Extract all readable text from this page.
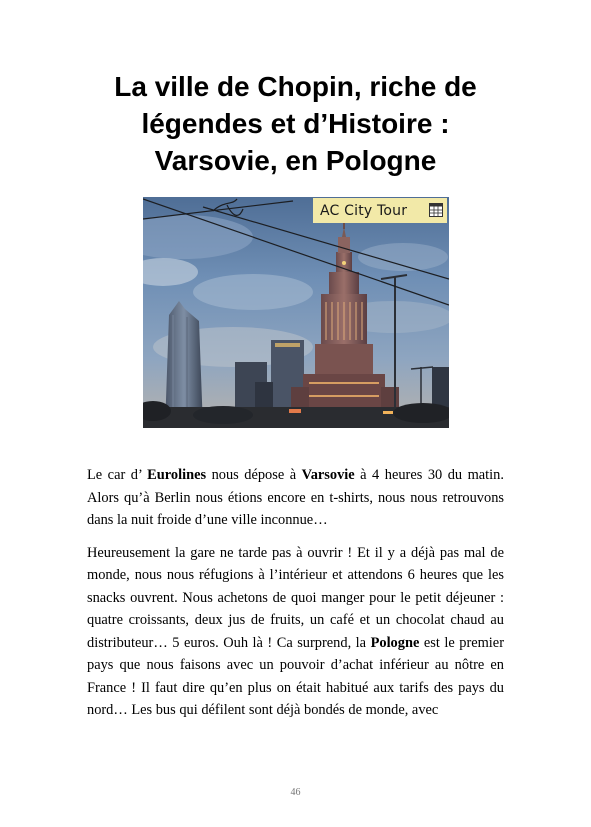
La ville de Chopin, riche de
légendes et d’Histoire :
Varsovie, en Pologne
AC City Tour

Le car d’ Eurolines nous dépose à Varsovie à 4 heures 30 du matin. Alors qu’à Berlin nous étions encore en t-shirts, nous nous retrouvons dans la nuit froide d’une ville inconnue…

Heureusement la gare ne tarde pas à ouvrir ! Et il y a déjà pas mal de monde, nous nous réfugions à l’intérieur et attendons 6 heures que les snacks ouvrent. Nous achetons de quoi manger pour le petit déjeuner : quatre croissants, deux jus de fruits, un café et un chocolat chaud au distributeur… 5 euros. Ouh là ! Ca surprend, la Pologne est le premier pays que nous faisons avec un pouvoir d’achat inférieur au nôtre en France ! Il faut dire qu’en plus on était habitué aux tarifs des pays du nord… Les bus qui défilent sont déjà bondés de monde, avec

46
